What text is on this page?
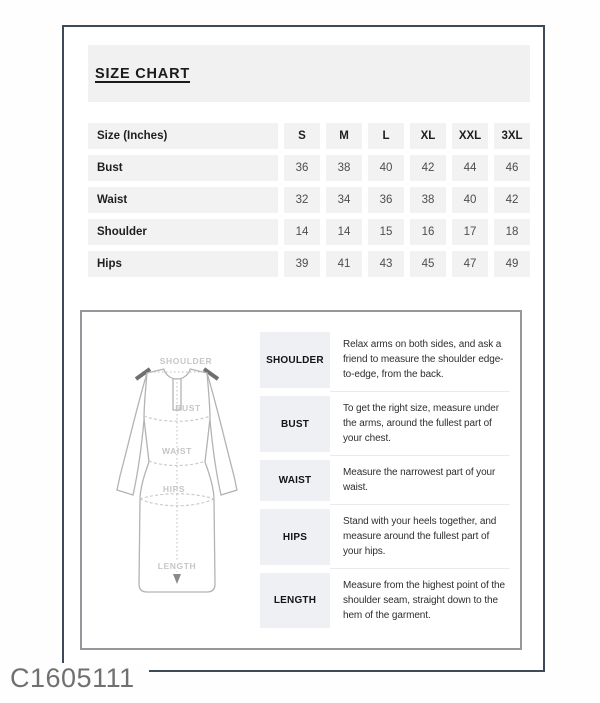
SIZE CHART
Size (Inches)	S	M	L	XL	XXL	3XL
Bust	36	38	40	42	44	46
Waist	32	34	36	38	40	42
Shoulder	14	14	15	16	17	18
Hips	39	41	43	45	47	49
SHOULDER
BUST
WAIST
HIPS
LENGTH
SHOULDER
Relax arms on both sides, and ask a friend to measure the shoulder edge-to-edge, from the back.
BUST
To get the right size, measure under the arms, around the fullest part of your chest.
WAIST
Measure the narrowest part of your waist.
HIPS
Stand with your heels together, and measure around the fullest part of your hips.
LENGTH
Measure from the highest point of the shoulder seam, straight down to the hem of the garment.
C1605111
